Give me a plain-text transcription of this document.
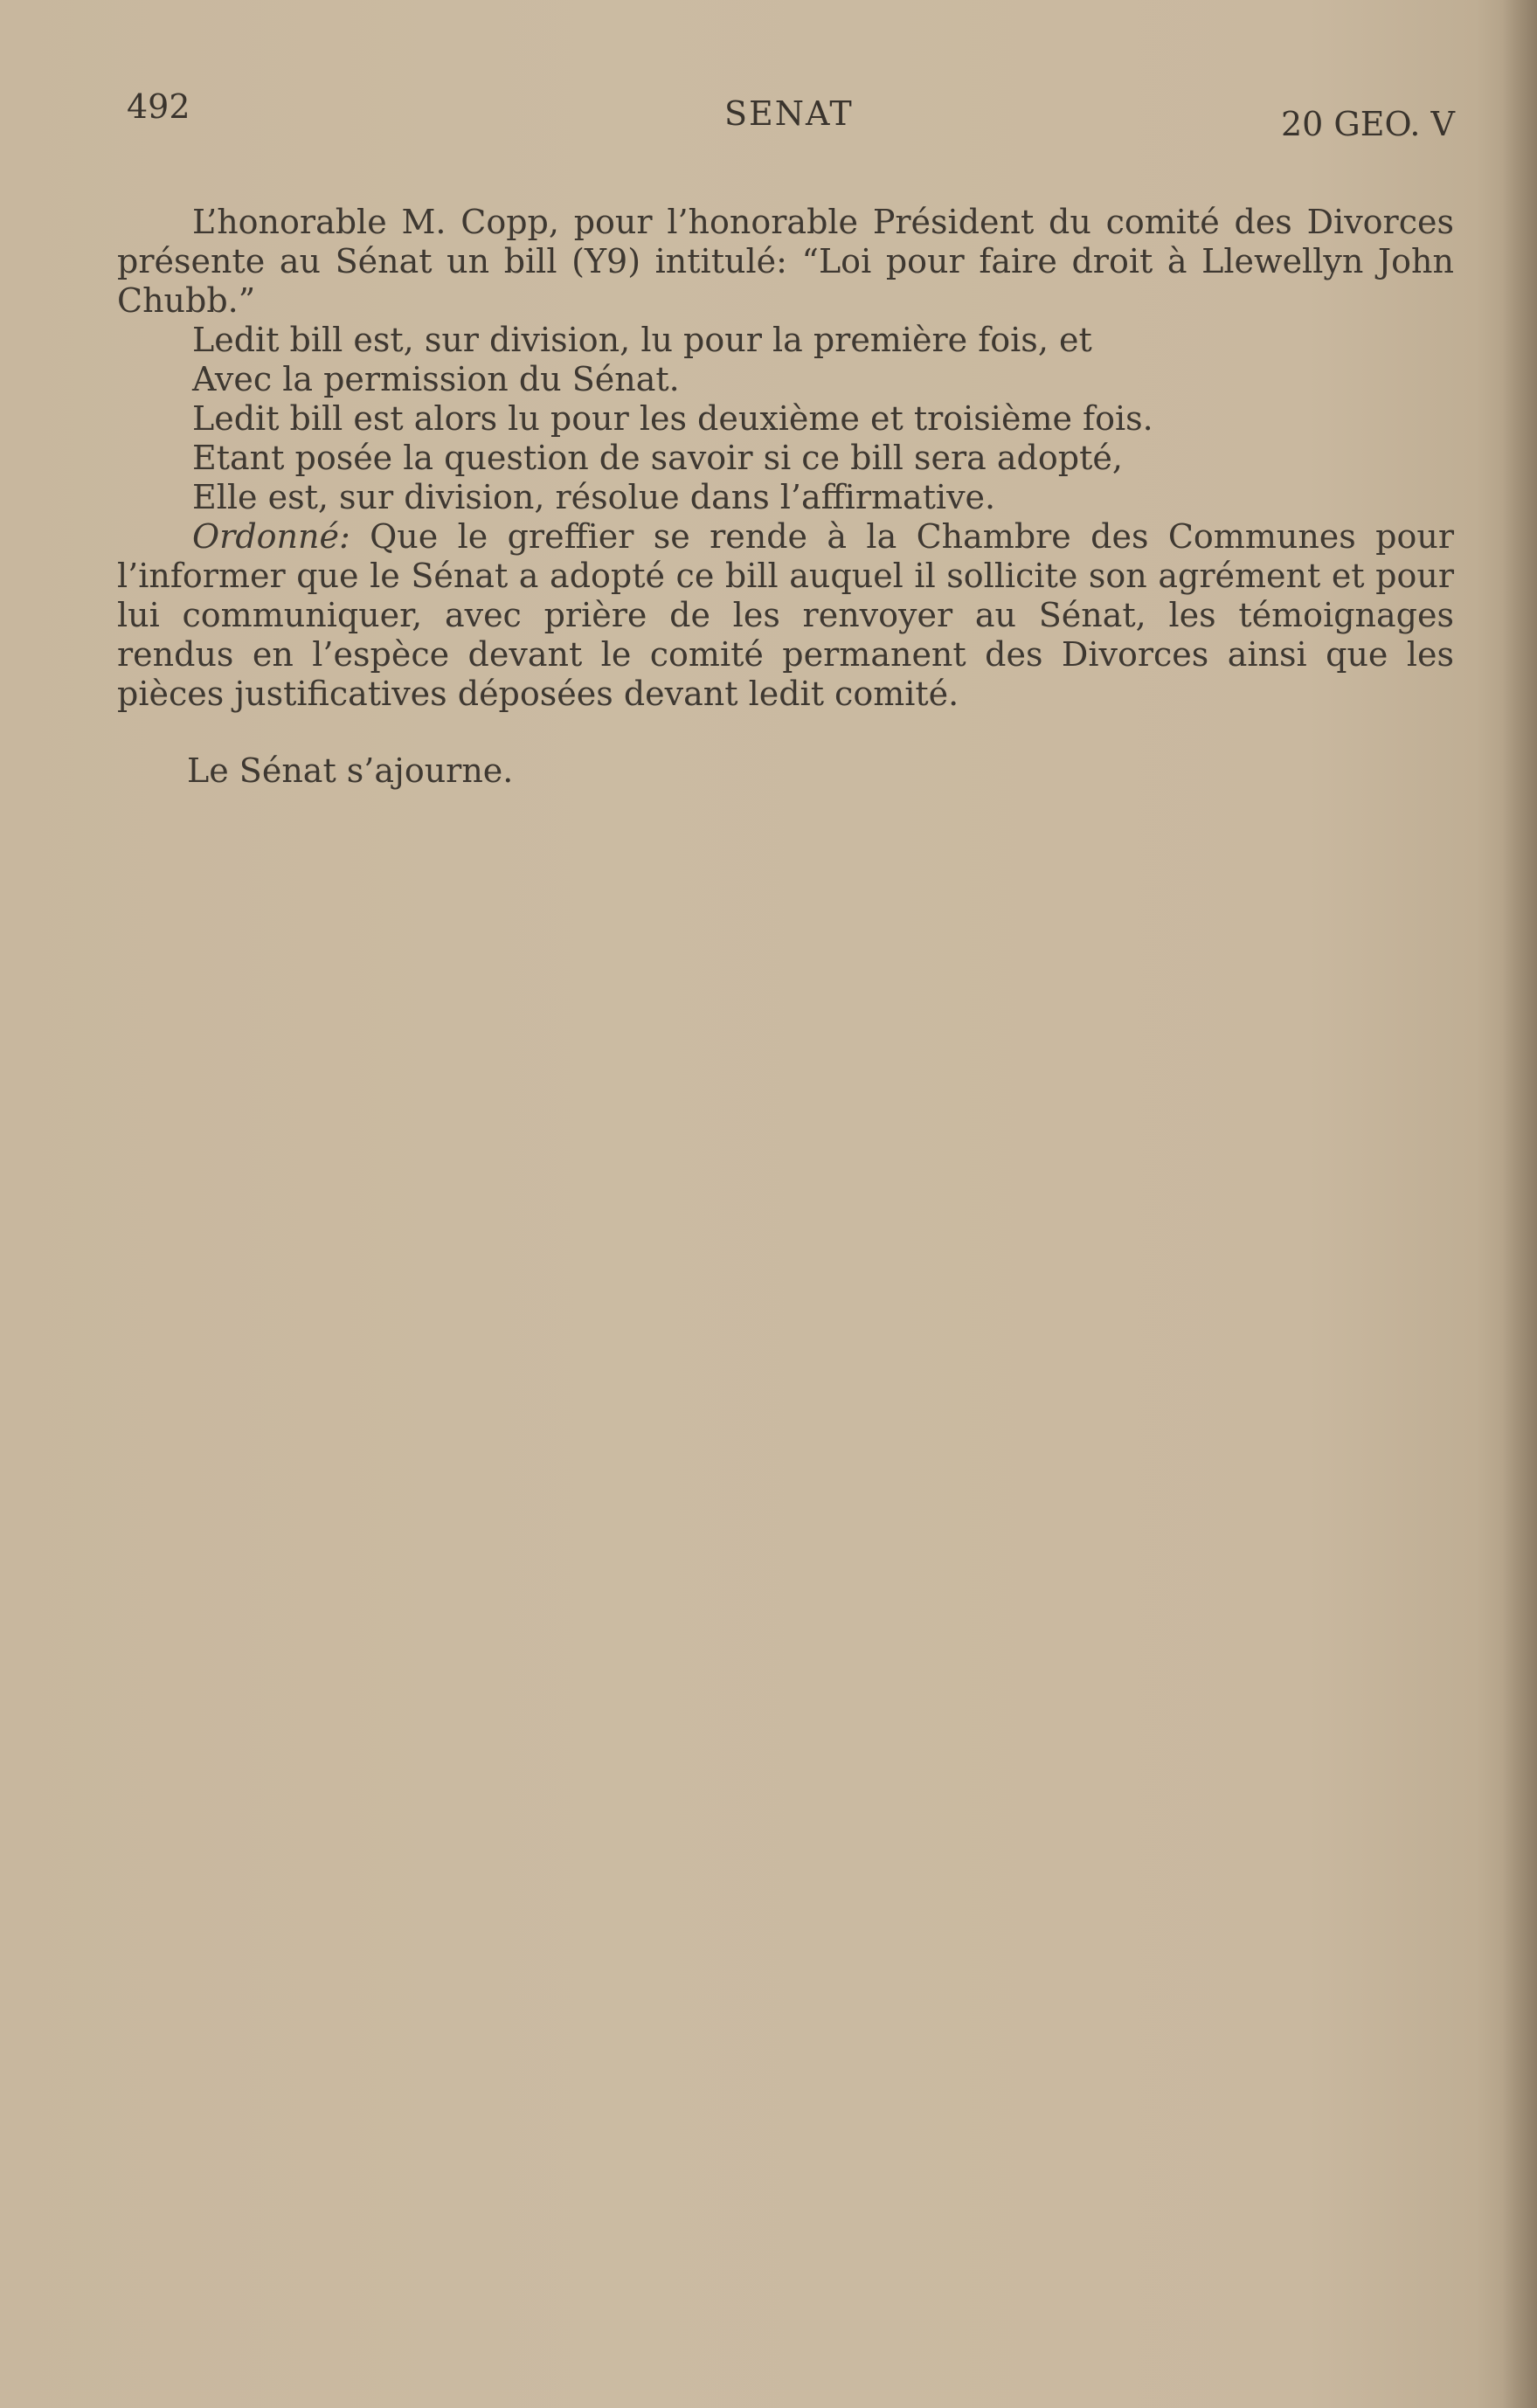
492	SENAT	20 GEO. V

L’honorable M. Copp, pour l’honorable Président du comité des Divorces présente au Sénat un bill (Y9) intitulé: “Loi pour faire droit à Llewellyn John Chubb.”

Ledit bill est, sur division, lu pour la première fois, et

Avec la permission du Sénat.

Ledit bill est alors lu pour les deuxième et troisième fois.

Etant posée la question de savoir si ce bill sera adopté,

Elle est, sur division, résolue dans l’affirmative.

Ordonné: Que le greffier se rende à la Chambre des Communes pour l’informer que le Sénat a adopté ce bill auquel il sollicite son agrément et pour lui communiquer, avec prière de les renvoyer au Sénat, les témoignages rendus en l’espèce devant le comité permanent des Divorces ainsi que les pièces justificatives déposées devant ledit comité.

Le Sénat s’ajourne.
